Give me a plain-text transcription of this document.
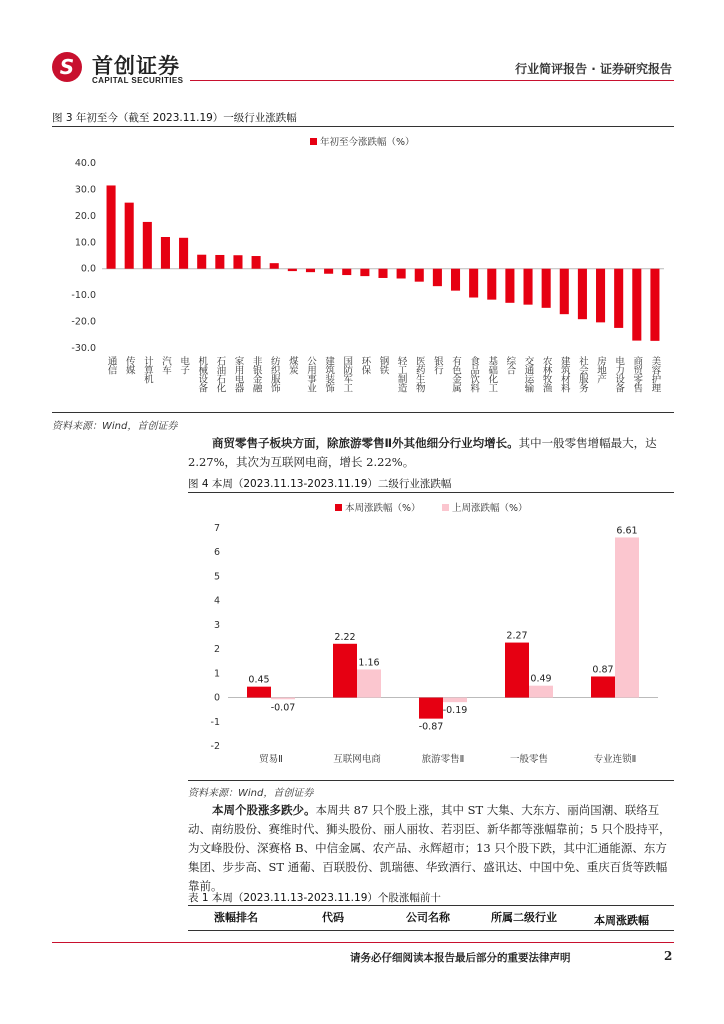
S 首创证券
CAPITAL SECURITIES
行业简评报告 · 证券研究报告
图 3 年初至今（截至 2023.11.19）一级行业涨跌幅
年初至今涨跌幅（%）
40.0
30.0
20.0
10.0
0.0
-10.0
-20.0
-30.0
通信 传媒 计算机 汽车 电子 机械设备 石油石化 家用电器 非银金融 纺织服饰 煤炭 公用事业 建筑装饰 国防军工 环保 钢铁 轻工制造 医药生物 银行 有色金属 食品饮料 基础化工 综合 交通运输 农林牧渔 建筑材料 社会服务 房地产 电力设备 商贸零售 美容护理
资料来源：Wind，首创证券
商贸零售子板块方面，除旅游零售Ⅱ外其他细分行业均增长。其中一般零售增幅最大，达 2.27%，其次为互联网电商，增长 2.22%。
图 4 本周（2023.11.13-2023.11.19）二级行业涨跌幅
本周涨跌幅（%）	上周涨跌幅（%）
7
6
5
4
3
2
1
0
-1
-2
0.45
-0.07
2.22
1.16
-0.87
-0.19
2.27
0.49
0.87
6.61
贸易Ⅱ	互联网电商	旅游零售Ⅱ	一般零售	专业连锁Ⅱ
资料来源：Wind，首创证券
本周个股涨多跌少。本周共 87 只个股上涨，其中 ST 大集、大东方、丽尚国潮、联络互动、南纺股份、赛维时代、狮头股份、丽人丽妆、若羽臣、新华都等涨幅靠前；5 只个股持平，为文峰股份、深赛格 B、中信金属、农产品、永辉超市；13 只个股下跌，其中汇通能源、东方集团、步步高、ST 通葡、百联股份、凯瑞德、华致酒行、盛讯达、中国中免、重庆百货等跌幅靠前。
表 1 本周（2023.11.13-2023.11.19）个股涨幅前十
涨幅排名	代码	公司名称	所属二级行业	本周涨跌幅
请务必仔细阅读本报告最后部分的重要法律声明	2
